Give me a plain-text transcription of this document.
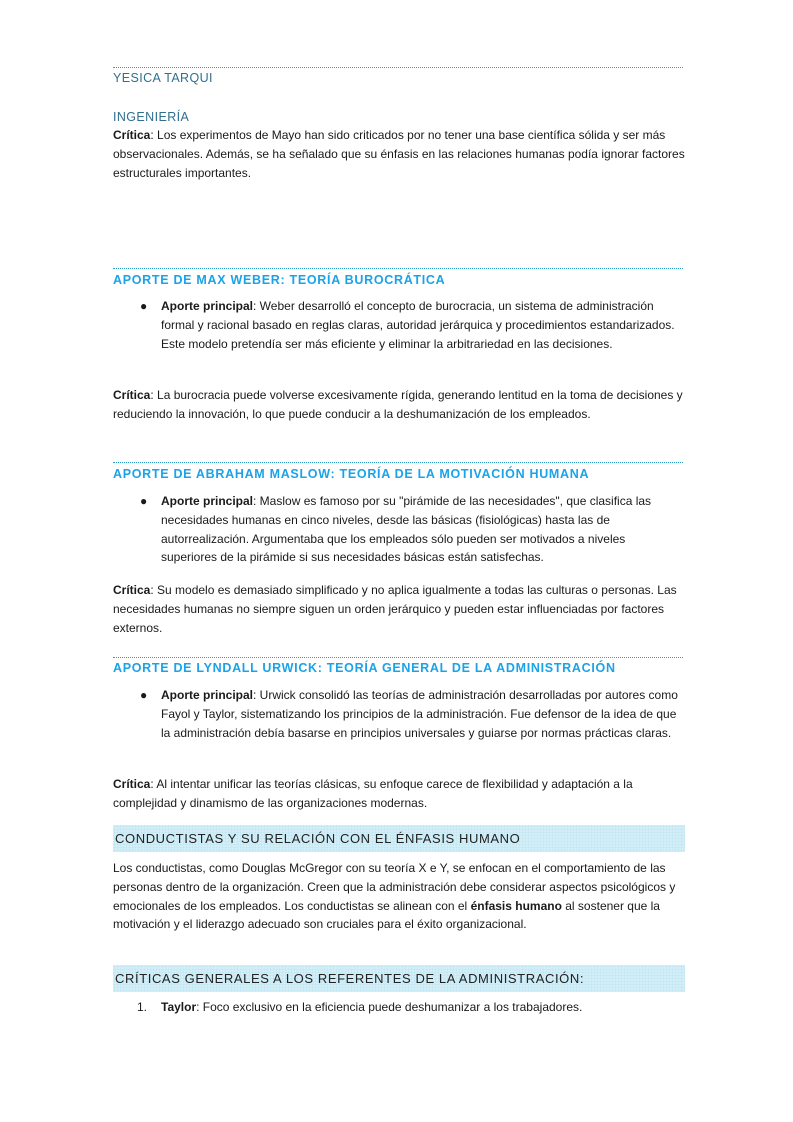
YESICA TARQUI
INGENIERÍA

Crítica: Los experimentos de Mayo han sido criticados por no tener una base científica sólida y ser más observacionales. Además, se ha señalado que su énfasis en las relaciones humanas podía ignorar factores estructurales importantes.

APORTE DE MAX WEBER: TEORÍA BUROCRÁTICA
● Aporte principal: Weber desarrolló el concepto de burocracia, un sistema de administración formal y racional basado en reglas claras, autoridad jerárquica y procedimientos estandarizados. Este modelo pretendía ser más eficiente y eliminar la arbitrariedad en las decisiones.

Crítica: La burocracia puede volverse excesivamente rígida, generando lentitud en la toma de decisiones y reduciendo la innovación, lo que puede conducir a la deshumanización de los empleados.

APORTE DE ABRAHAM MASLOW: TEORÍA DE LA MOTIVACIÓN HUMANA
● Aporte principal: Maslow es famoso por su "pirámide de las necesidades", que clasifica las necesidades humanas en cinco niveles, desde las básicas (fisiológicas) hasta las de autorrealización. Argumentaba que los empleados sólo pueden ser motivados a niveles superiores de la pirámide si sus necesidades básicas están satisfechas.

Crítica: Su modelo es demasiado simplificado y no aplica igualmente a todas las culturas o personas. Las necesidades humanas no siempre siguen un orden jerárquico y pueden estar influenciadas por factores externos.

APORTE DE LYNDALL URWICK: TEORÍA GENERAL DE LA ADMINISTRACIÓN
● Aporte principal: Urwick consolidó las teorías de administración desarrolladas por autores como Fayol y Taylor, sistematizando los principios de la administración. Fue defensor de la idea de que la administración debía basarse en principios universales y guiarse por normas prácticas claras.

Crítica: Al intentar unificar las teorías clásicas, su enfoque carece de flexibilidad y adaptación a la complejidad y dinamismo de las organizaciones modernas.

CONDUCTISTAS Y SU RELACIÓN CON EL ÉNFASIS HUMANO

Los conductistas, como Douglas McGregor con su teoría X e Y, se enfocan en el comportamiento de las personas dentro de la organización. Creen que la administración debe considerar aspectos psicológicos y emocionales de los empleados. Los conductistas se alinean con el énfasis humano al sostener que la motivación y el liderazgo adecuado son cruciales para el éxito organizacional.

CRÍTICAS GENERALES A LOS REFERENTES DE LA ADMINISTRACIÓN:
1. Taylor: Foco exclusivo en la eficiencia puede deshumanizar a los trabajadores.
